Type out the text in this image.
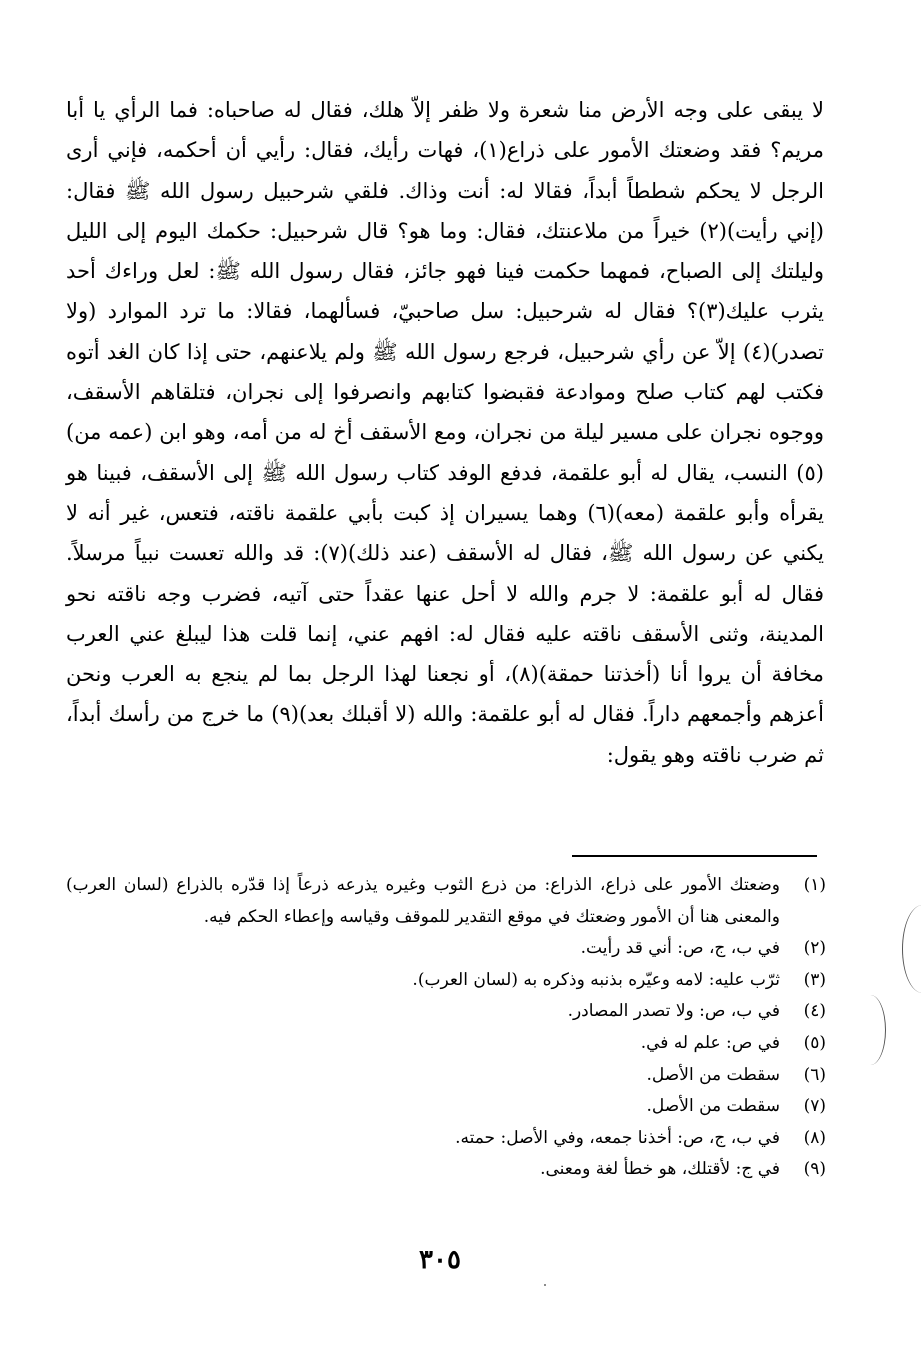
لا يبقى على وجه الأرض منا شعرة ولا ظفر إلاّ هلك، فقال له صاحباه: فما الرأي يا أبا مريم؟ فقد وضعتك الأمور على ذراع(١)، فهات رأيك، فقال: رأيي أن أحكمه، فإني أرى الرجل لا يحكم شططاً أبداً، فقالا له: أنت وذاك. فلقي شرحبيل رسول الله ﷺ فقال: (إني رأيت)(٢) خيراً من ملاعنتك، فقال: وما هو؟ قال شرحبيل: حكمك اليوم إلى الليل وليلتك إلى الصباح، فمهما حكمت فينا فهو جائز، فقال رسول الله ﷺ: لعل وراءك أحد يثرب عليك(٣)؟ فقال له شرحبيل: سل صاحبيّ، فسألهما، فقالا: ما ترد الموارد (ولا تصدر)(٤) إلاّ عن رأي شرحبيل، فرجع رسول الله ﷺ ولم يلاعنهم، حتى إذا كان الغد أتوه فكتب لهم كتاب صلح وموادعة فقبضوا كتابهم وانصرفوا إلى نجران، فتلقاهم الأسقف، ووجوه نجران على مسير ليلة من نجران، ومع الأسقف أخ له من أمه، وهو ابن (عمه من)(٥) النسب، يقال له أبو علقمة، فدفع الوفد كتاب رسول الله ﷺ إلى الأسقف، فبينا هو يقرأه وأبو علقمة (معه)(٦) وهما يسيران إذ كبت بأبي علقمة ناقته، فتعس، غير أنه لا يكني عن رسول الله ﷺ، فقال له الأسقف (عند ذلك)(٧): قد والله تعست نبياً مرسلاً. فقال له أبو علقمة: لا جرم والله لا أحل عنها عقداً حتى آتيه، فضرب وجه ناقته نحو المدينة، وثنى الأسقف ناقته عليه فقال له: افهم عني، إنما قلت هذا ليبلغ عني العرب مخافة أن يروا أنا (أخذتنا حمقة)(٨)، أو نجعنا لهذا الرجل بما لم ينجع به العرب ونحن أعزهم وأجمعهم داراً. فقال له أبو علقمة: والله (لا أقبلك بعد)(٩) ما خرج من رأسك أبداً، ثم ضرب ناقته وهو يقول:

(١)
وضعتك الأمور على ذراع، الذراع: من ذرع الثوب وغيره يذرعه ذرعاً إذا قدّره بالذراع (لسان العرب) والمعنى هنا أن الأمور وضعتك في موقع التقدير للموقف وقياسه وإعطاء الحكم فيه.
(٢)
في ب، ج، ص: أني قد رأيت.
(٣)
ثرّب عليه: لامه وعيّره بذنبه وذكره به (لسان العرب).
(٤)
في ب، ص: ولا تصدر المصادر.
(٥)
في ص: علم له في.
(٦)
سقطت من الأصل.
(٧)
سقطت من الأصل.
(٨)
في ب، ج، ص: أخذنا جمعه، وفي الأصل: حمته.
(٩)
في ج: لأقتلك، هو خطأ لغة ومعنى.
٣٠٥
